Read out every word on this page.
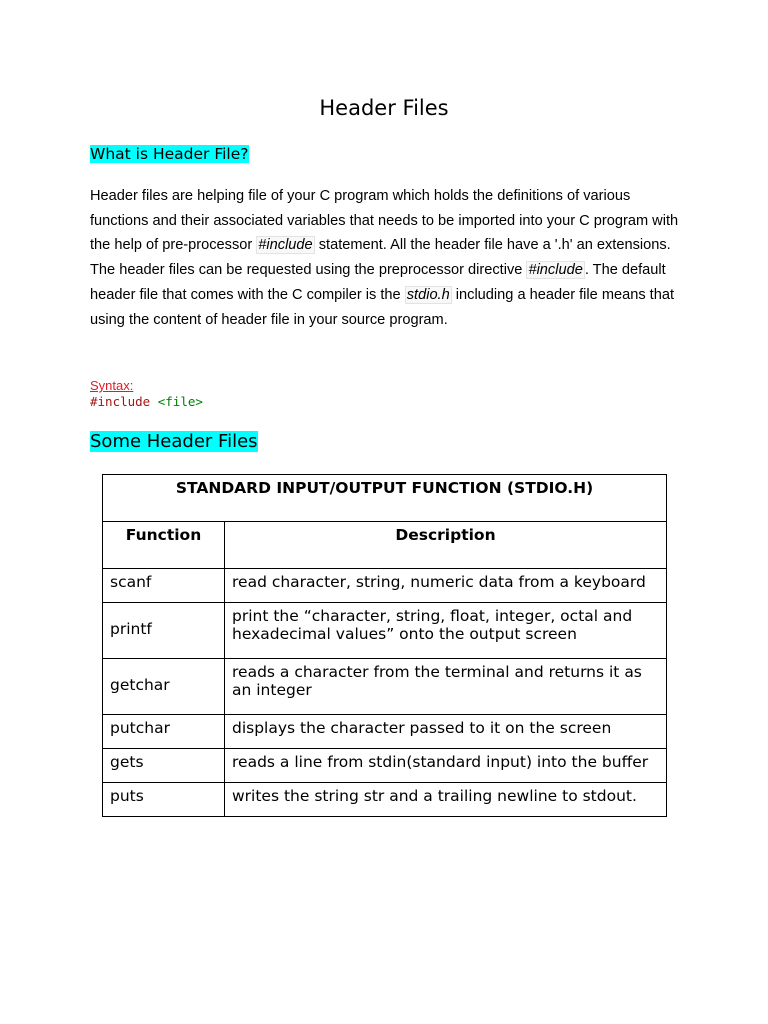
Header Files
What is Header File?

Header files are helping file of your C program which holds the definitions of various functions and their associated variables that needs to be imported into your C program with the help of pre-processor #include statement. All the header file have a '.h' an extensions.

The header files can be requested using the preprocessor directive #include . The default header file that comes with the C compiler is the stdio.h including a header file means that using the content of header file in your source program.

Syntax:
#include <file>
Some Header Files
STANDARD INPUT/OUTPUT FUNCTION (STDIO.H)	
Function	Description
scanf	read character, string, numeric data from a keyboard
printf	print the “character, string, float, integer, octal and hexadecimal values” onto the output screen
getchar	reads a character from the terminal and returns it as an integer
putchar	displays the character passed to it on the screen
gets	reads a line from stdin(standard input) into the buffer
puts	writes the string str and a trailing newline to stdout.
